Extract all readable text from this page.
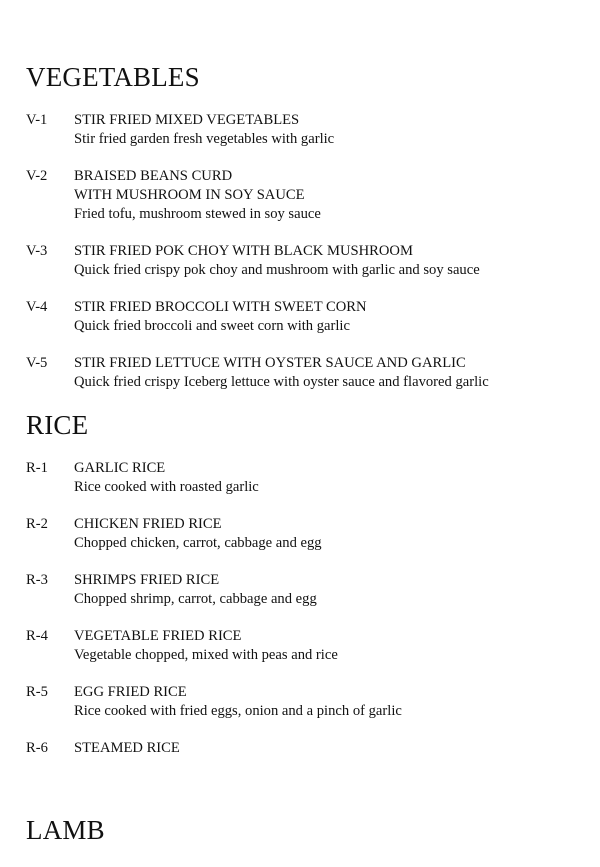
VEGETABLES
V-1	STIR FRIED MIXED VEGETABLES
Stir fried garden fresh vegetables with garlic
V-2	BRAISED BEANS CURD
WITH MUSHROOM IN SOY SAUCE
Fried tofu, mushroom stewed in soy sauce
V-3	STIR FRIED POK CHOY WITH BLACK MUSHROOM
Quick fried crispy pok choy and mushroom with garlic and soy sauce
V-4	STIR FRIED BROCCOLI WITH SWEET CORN
Quick fried broccoli and sweet corn with garlic
V-5	STIR FRIED LETTUCE WITH OYSTER SAUCE AND GARLIC
Quick fried crispy Iceberg lettuce with oyster sauce and flavored garlic
RICE
R-1	GARLIC RICE
Rice cooked with roasted garlic
R-2	CHICKEN FRIED RICE
Chopped chicken, carrot, cabbage and egg
R-3	SHRIMPS FRIED RICE
Chopped shrimp, carrot, cabbage and egg
R-4	VEGETABLE FRIED RICE
Vegetable chopped, mixed with peas and rice
R-5	EGG FRIED RICE
Rice cooked with fried eggs, onion and a pinch of garlic
R-6	STEAMED RICE
LAMB
